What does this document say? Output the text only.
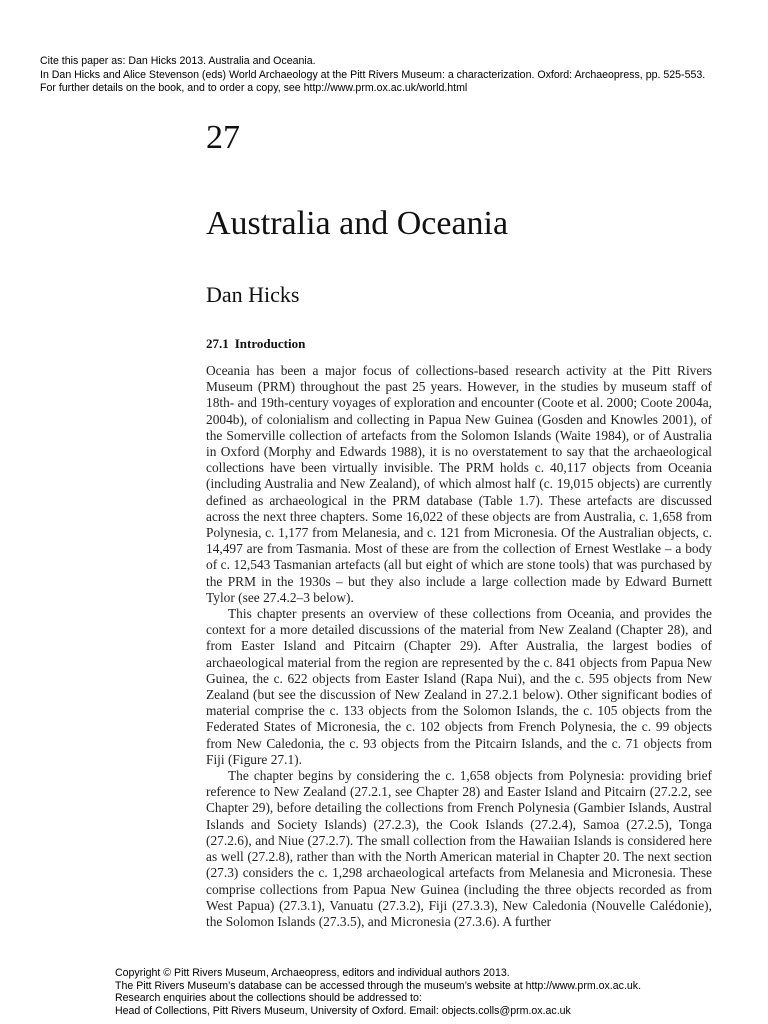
Cite this paper as: Dan Hicks 2013. Australia and Oceania.
In Dan Hicks and Alice Stevenson (eds) World Archaeology at the Pitt Rivers Museum: a characterization. Oxford: Archaeopress, pp. 525-553.
For further details on the book, and to order a copy, see http://www.prm.ox.ac.uk/world.html
27
Australia and Oceania
Dan Hicks
27.1 Introduction

Oceania has been a major focus of collections-based research activity at the Pitt Rivers Museum (PRM) throughout the past 25 years. However, in the studies by museum staff of 18th- and 19th-century voyages of exploration and encounter (Coote et al. 2000; Coote 2004a, 2004b), of colonialism and collecting in Papua New Guinea (Gosden and Knowles 2001), of the Somerville collection of artefacts from the Solomon Islands (Waite 1984), or of Australia in Oxford (Morphy and Edwards 1988), it is no overstatement to say that the archaeological collections have been virtually invisible. The PRM holds c. 40,117 objects from Oceania (including Australia and New Zealand), of which almost half (c. 19,015 objects) are currently defined as archaeological in the PRM database (Table 1.7). These artefacts are discussed across the next three chapters. Some 16,022 of these objects are from Australia, c. 1,658 from Polynesia, c. 1,177 from Melanesia, and c. 121 from Micronesia. Of the Australian objects, c. 14,497 are from Tasmania. Most of these are from the collection of Ernest Westlake – a body of c. 12,543 Tasmanian artefacts (all but eight of which are stone tools) that was purchased by the PRM in the 1930s – but they also include a large collection made by Edward Burnett Tylor (see 27.4.2–3 below).

This chapter presents an overview of these collections from Oceania, and provides the context for a more detailed discussions of the material from New Zealand (Chapter 28), and from Easter Island and Pitcairn (Chapter 29). After Australia, the largest bodies of archaeological material from the region are represented by the c. 841 objects from Papua New Guinea, the c. 622 objects from Easter Island (Rapa Nui), and the c. 595 objects from New Zealand (but see the discussion of New Zealand in 27.2.1 below). Other significant bodies of material comprise the c. 133 objects from the Solomon Islands, the c. 105 objects from the Federated States of Micronesia, the c. 102 objects from French Polynesia, the c. 99 objects from New Caledonia, the c. 93 objects from the Pitcairn Islands, and the c. 71 objects from Fiji (Figure 27.1).

The chapter begins by considering the c. 1,658 objects from Polynesia: providing brief reference to New Zealand (27.2.1, see Chapter 28) and Easter Island and Pitcairn (27.2.2, see Chapter 29), before detailing the collections from French Polynesia (Gambier Islands, Austral Islands and Society Islands) (27.2.3), the Cook Islands (27.2.4), Samoa (27.2.5), Tonga (27.2.6), and Niue (27.2.7). The small collection from the Hawaiian Islands is considered here as well (27.2.8), rather than with the North American material in Chapter 20. The next section (27.3) considers the c. 1,298 archaeological artefacts from Melanesia and Micronesia. These comprise collections from Papua New Guinea (including the three objects recorded as from West Papua) (27.3.1), Vanuatu (27.3.2), Fiji (27.3.3), New Caledonia (Nouvelle Calédonie), the Solomon Islands (27.3.5), and Micronesia (27.3.6). A further

Copyright © Pitt Rivers Museum, Archaeopress, editors and individual authors 2013.
The Pitt Rivers Museum’s database can be accessed through the museum’s website at http://www.prm.ox.ac.uk.
Research enquiries about the collections should be addressed to:
Head of Collections, Pitt Rivers Museum, University of Oxford. Email: objects.colls@prm.ox.ac.uk
